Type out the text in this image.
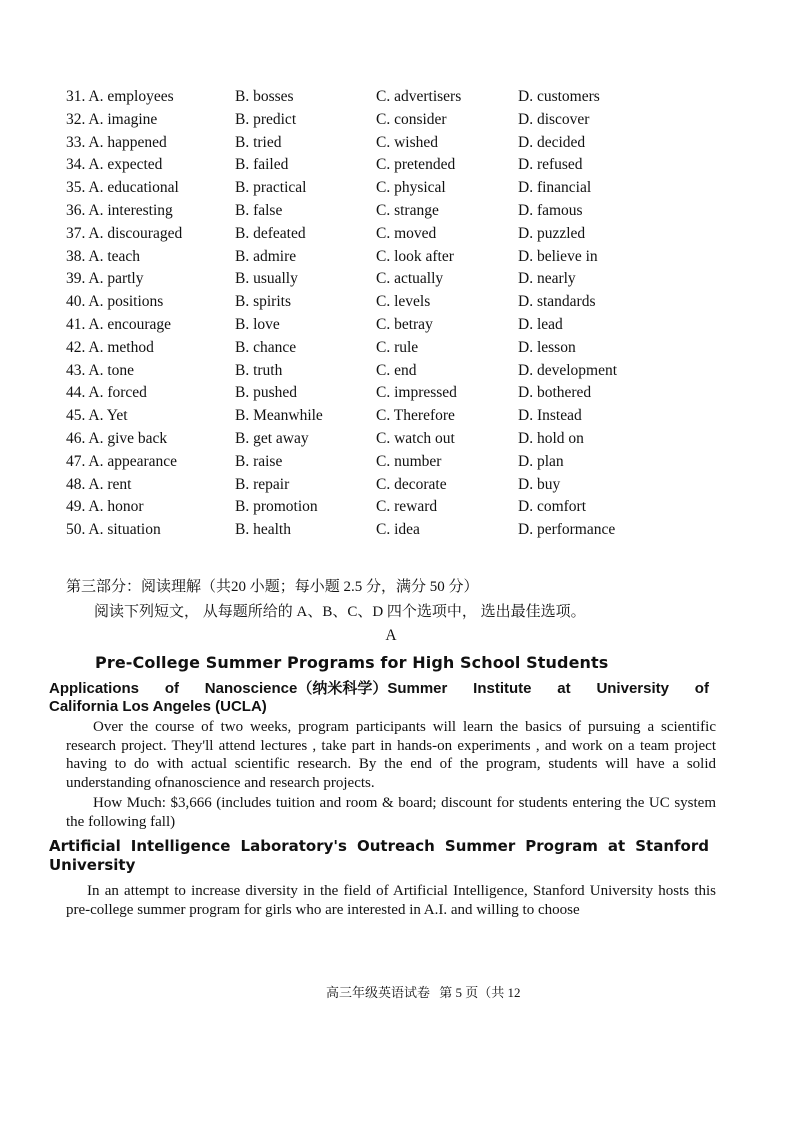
31. A. employees	B. bosses	C. advertisers	D. customers
32. A. imagine	B. predict	C. consider	D. discover
33. A. happened	B. tried	C. wished	D. decided
34. A. expected	B. failed	C. pretended	D. refused
35. A. educational	B. practical	C. physical	D. financial
36. A. interesting	B. false	C. strange	D. famous
37. A. discouraged	B. defeated	C. moved	D. puzzled
38. A. teach	B. admire	C. look after	D. believe in
39. A. partly	B. usually	C. actually	D. nearly
40. A. positions	B. spirits	C. levels	D. standards
41. A. encourage	B. love	C. betray	D. lead
42. A. method	B. chance	C. rule	D. lesson
43. A. tone	B. truth	C. end	D. development
44. A. forced	B. pushed	C. impressed	D. bothered
45. A. Yet	B. Meanwhile	C. Therefore	D. Instead
46. A. give back	B. get away	C. watch out	D. hold on
47. A. appearance	B. raise	C. number	D. plan
48. A. rent	B. repair	C. decorate	D. buy
49. A. honor	B. promotion	C. reward	D. comfort
50. A. situation	B. health	C. idea	D. performance
第三部分：阅读理解（共20 小题；每小题 2.5 分，满分 50 分）
阅读下列短文， 从每题所给的 A、B、C、D 四个选项中， 选出最佳选项。
A
Pre-College Summer Programs for High School Students
Applications of Nanoscience（纳米科学）Summer Institute at University of
California Los Angeles (UCLA)
Over the course of two weeks, program participants will learn the basics of pursuing a scientific research project. They'll attend lectures , take part in hands-on experiments , and work on a team project having to do with actual scientific research. By the end of the program, students will have a solid understanding ofnanoscience and research projects.
How Much: $3,666 (includes tuition and room & board; discount for students entering the UC system the following fall)
Artificial Intelligence Laboratory's Outreach Summer Program at Stanford University
In an attempt to increase diversity in the field of Artificial Intelligence, Stanford University hosts this pre-college summer program for girls who are interested in A.I. and willing to choose
高三年级英语试卷 第 5 页（共 12
